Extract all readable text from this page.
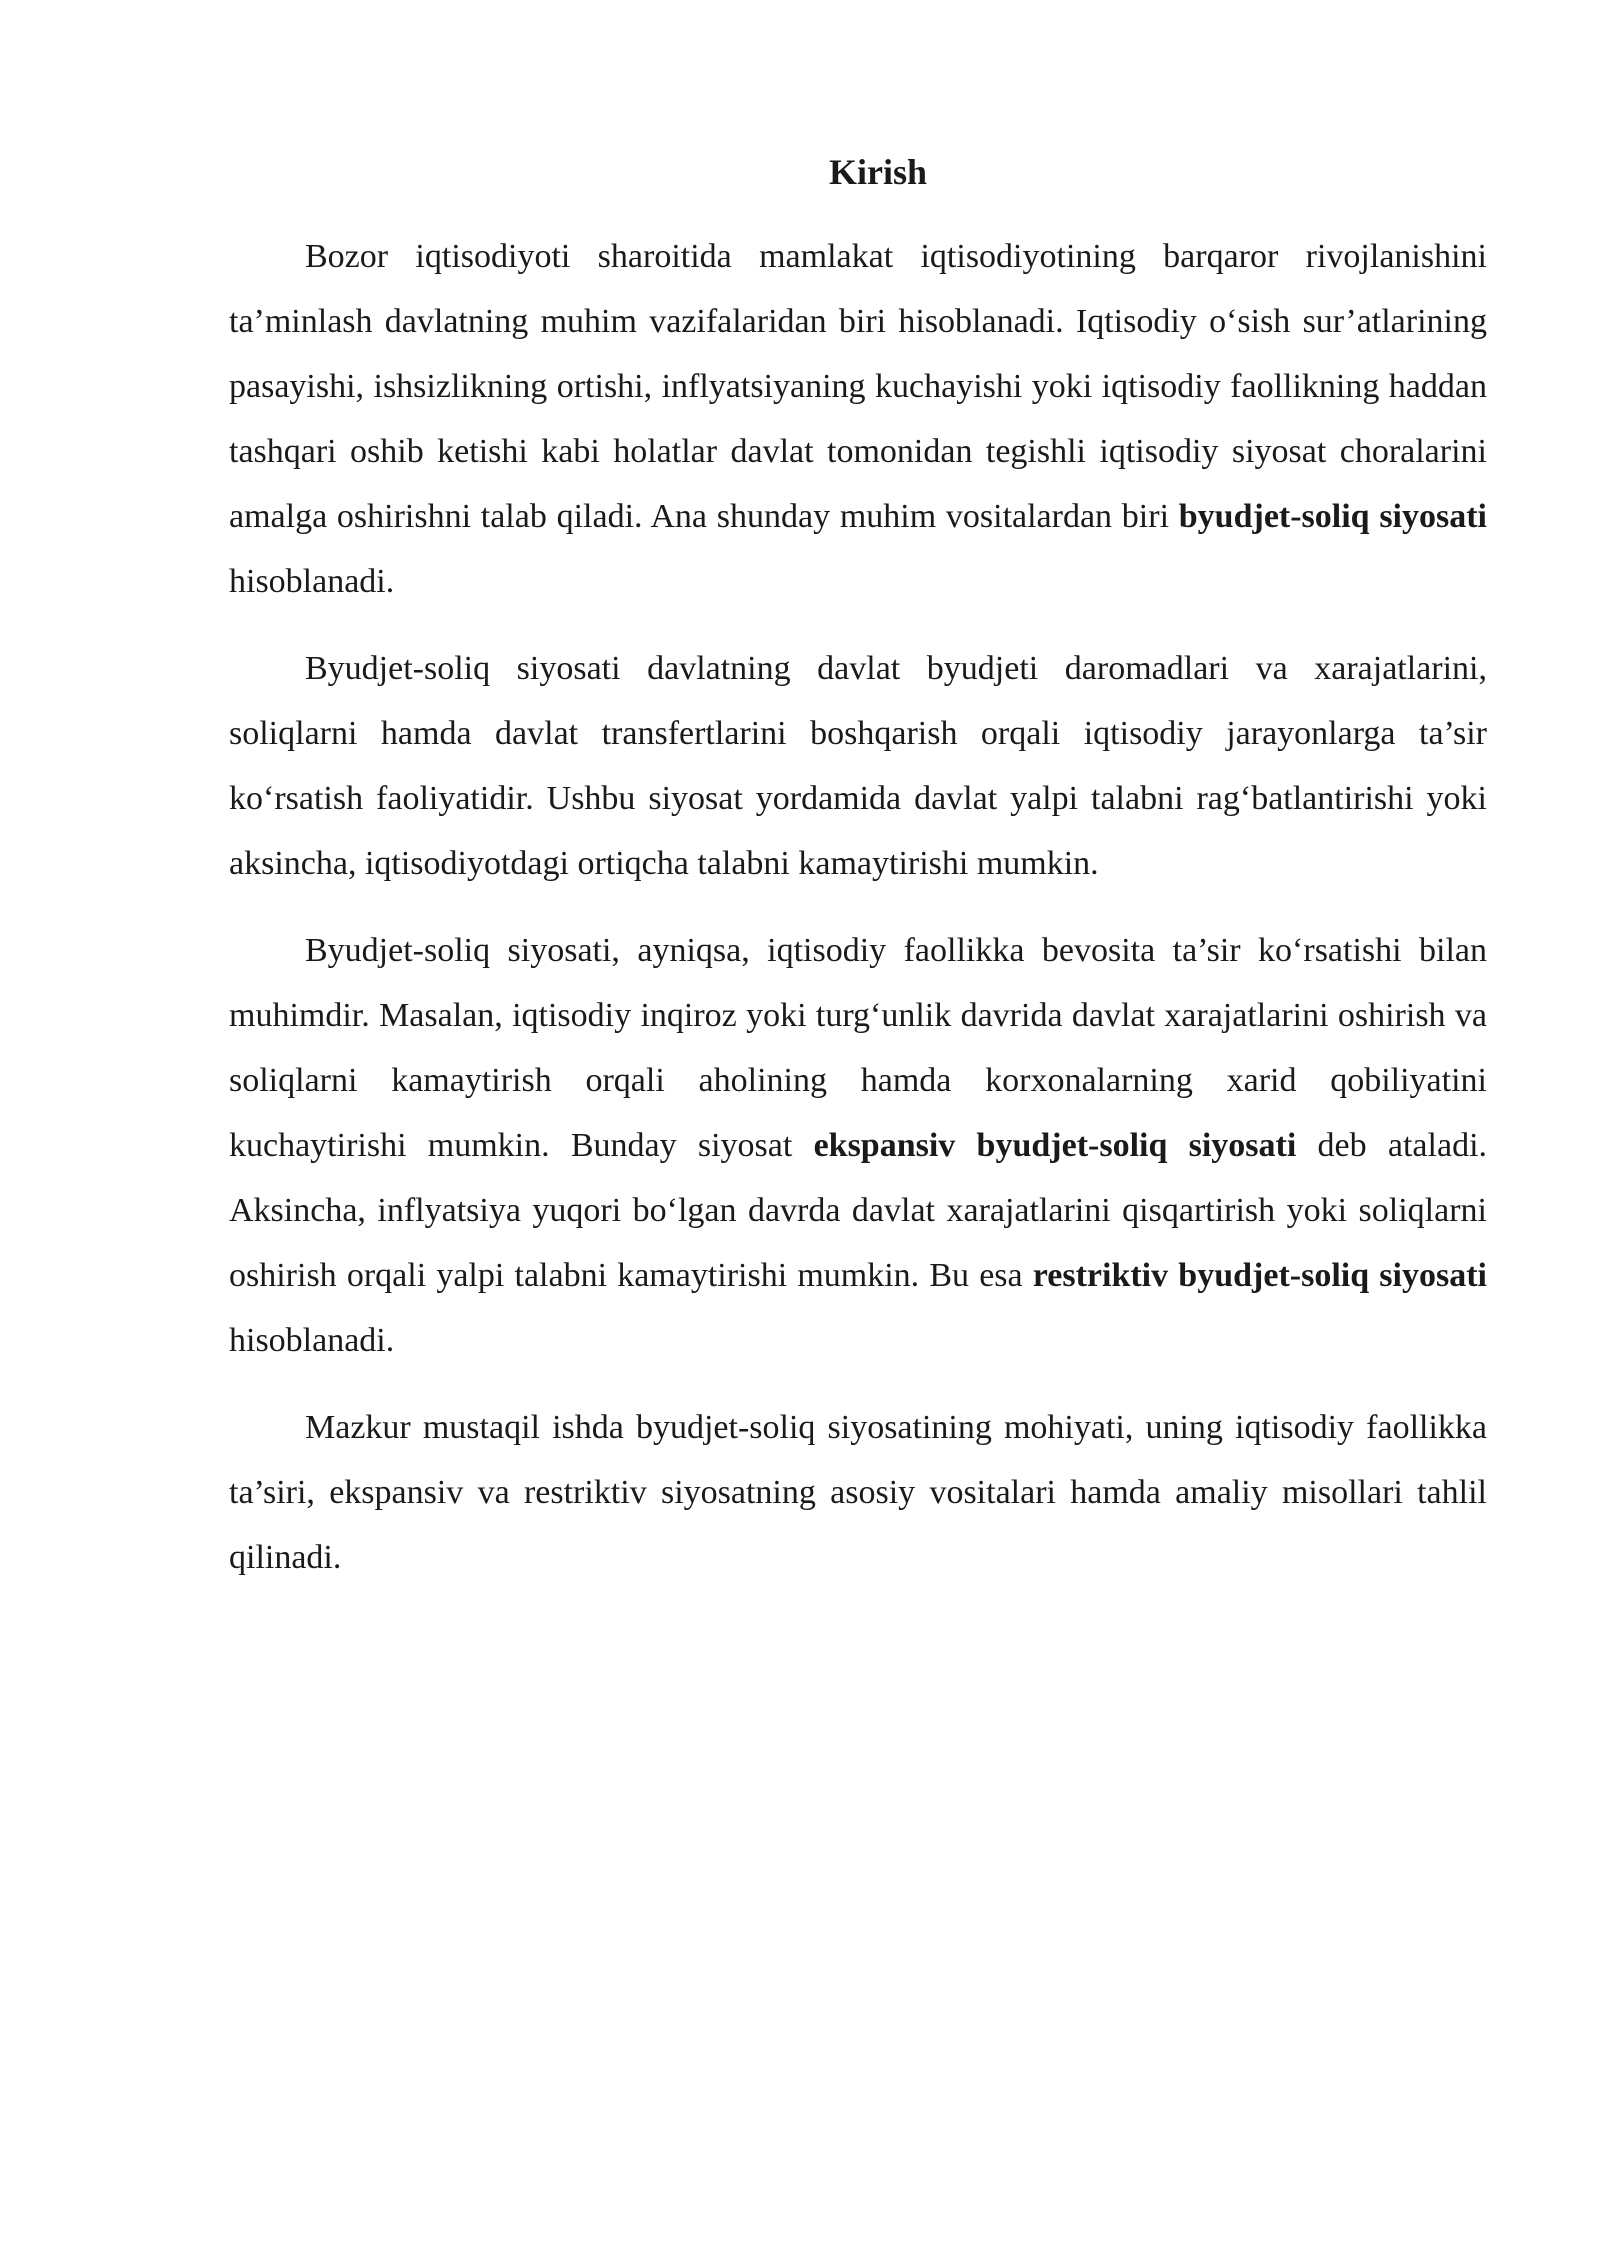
Kirish

Bozor iqtisodiyoti sharoitida mamlakat iqtisodiyotining barqaror rivojlanishini ta’minlash davlatning muhim vazifalaridan biri hisoblanadi. Iqtisodiy o‘sish sur’atlarining pasayishi, ishsizlikning ortishi, inflyatsiyaning kuchayishi yoki iqtisodiy faollikning haddan tashqari oshib ketishi kabi holatlar davlat tomonidan tegishli iqtisodiy siyosat choralarini amalga oshirishni talab qiladi. Ana shunday muhim vositalardan biri byudjet-soliq siyosati hisoblanadi.

Byudjet-soliq siyosati davlatning davlat byudjeti daromadlari va xarajatlarini, soliqlarni hamda davlat transfertlarini boshqarish orqali iqtisodiy jarayonlarga ta’sir ko‘rsatish faoliyatidir. Ushbu siyosat yordamida davlat yalpi talabni rag‘batlantirishi yoki aksincha, iqtisodiyotdagi ortiqcha talabni kamaytirishi mumkin.

Byudjet-soliq siyosati, ayniqsa, iqtisodiy faollikka bevosita ta’sir ko‘rsatishi bilan muhimdir. Masalan, iqtisodiy inqiroz yoki turg‘unlik davrida davlat xarajatlarini oshirish va soliqlarni kamaytirish orqali aholining hamda korxonalarning xarid qobiliyatini kuchaytirishi mumkin. Bunday siyosat ekspansiv byudjet-soliq siyosati deb ataladi. Aksincha, inflyatsiya yuqori bo‘lgan davrda davlat xarajatlarini qisqartirish yoki soliqlarni oshirish orqali yalpi talabni kamaytirishi mumkin. Bu esa restriktiv byudjet-soliq siyosati hisoblanadi.

Mazkur mustaqil ishda byudjet-soliq siyosatining mohiyati, uning iqtisodiy faollikka ta’siri, ekspansiv va restriktiv siyosatning asosiy vositalari hamda amaliy misollari tahlil qilinadi.
